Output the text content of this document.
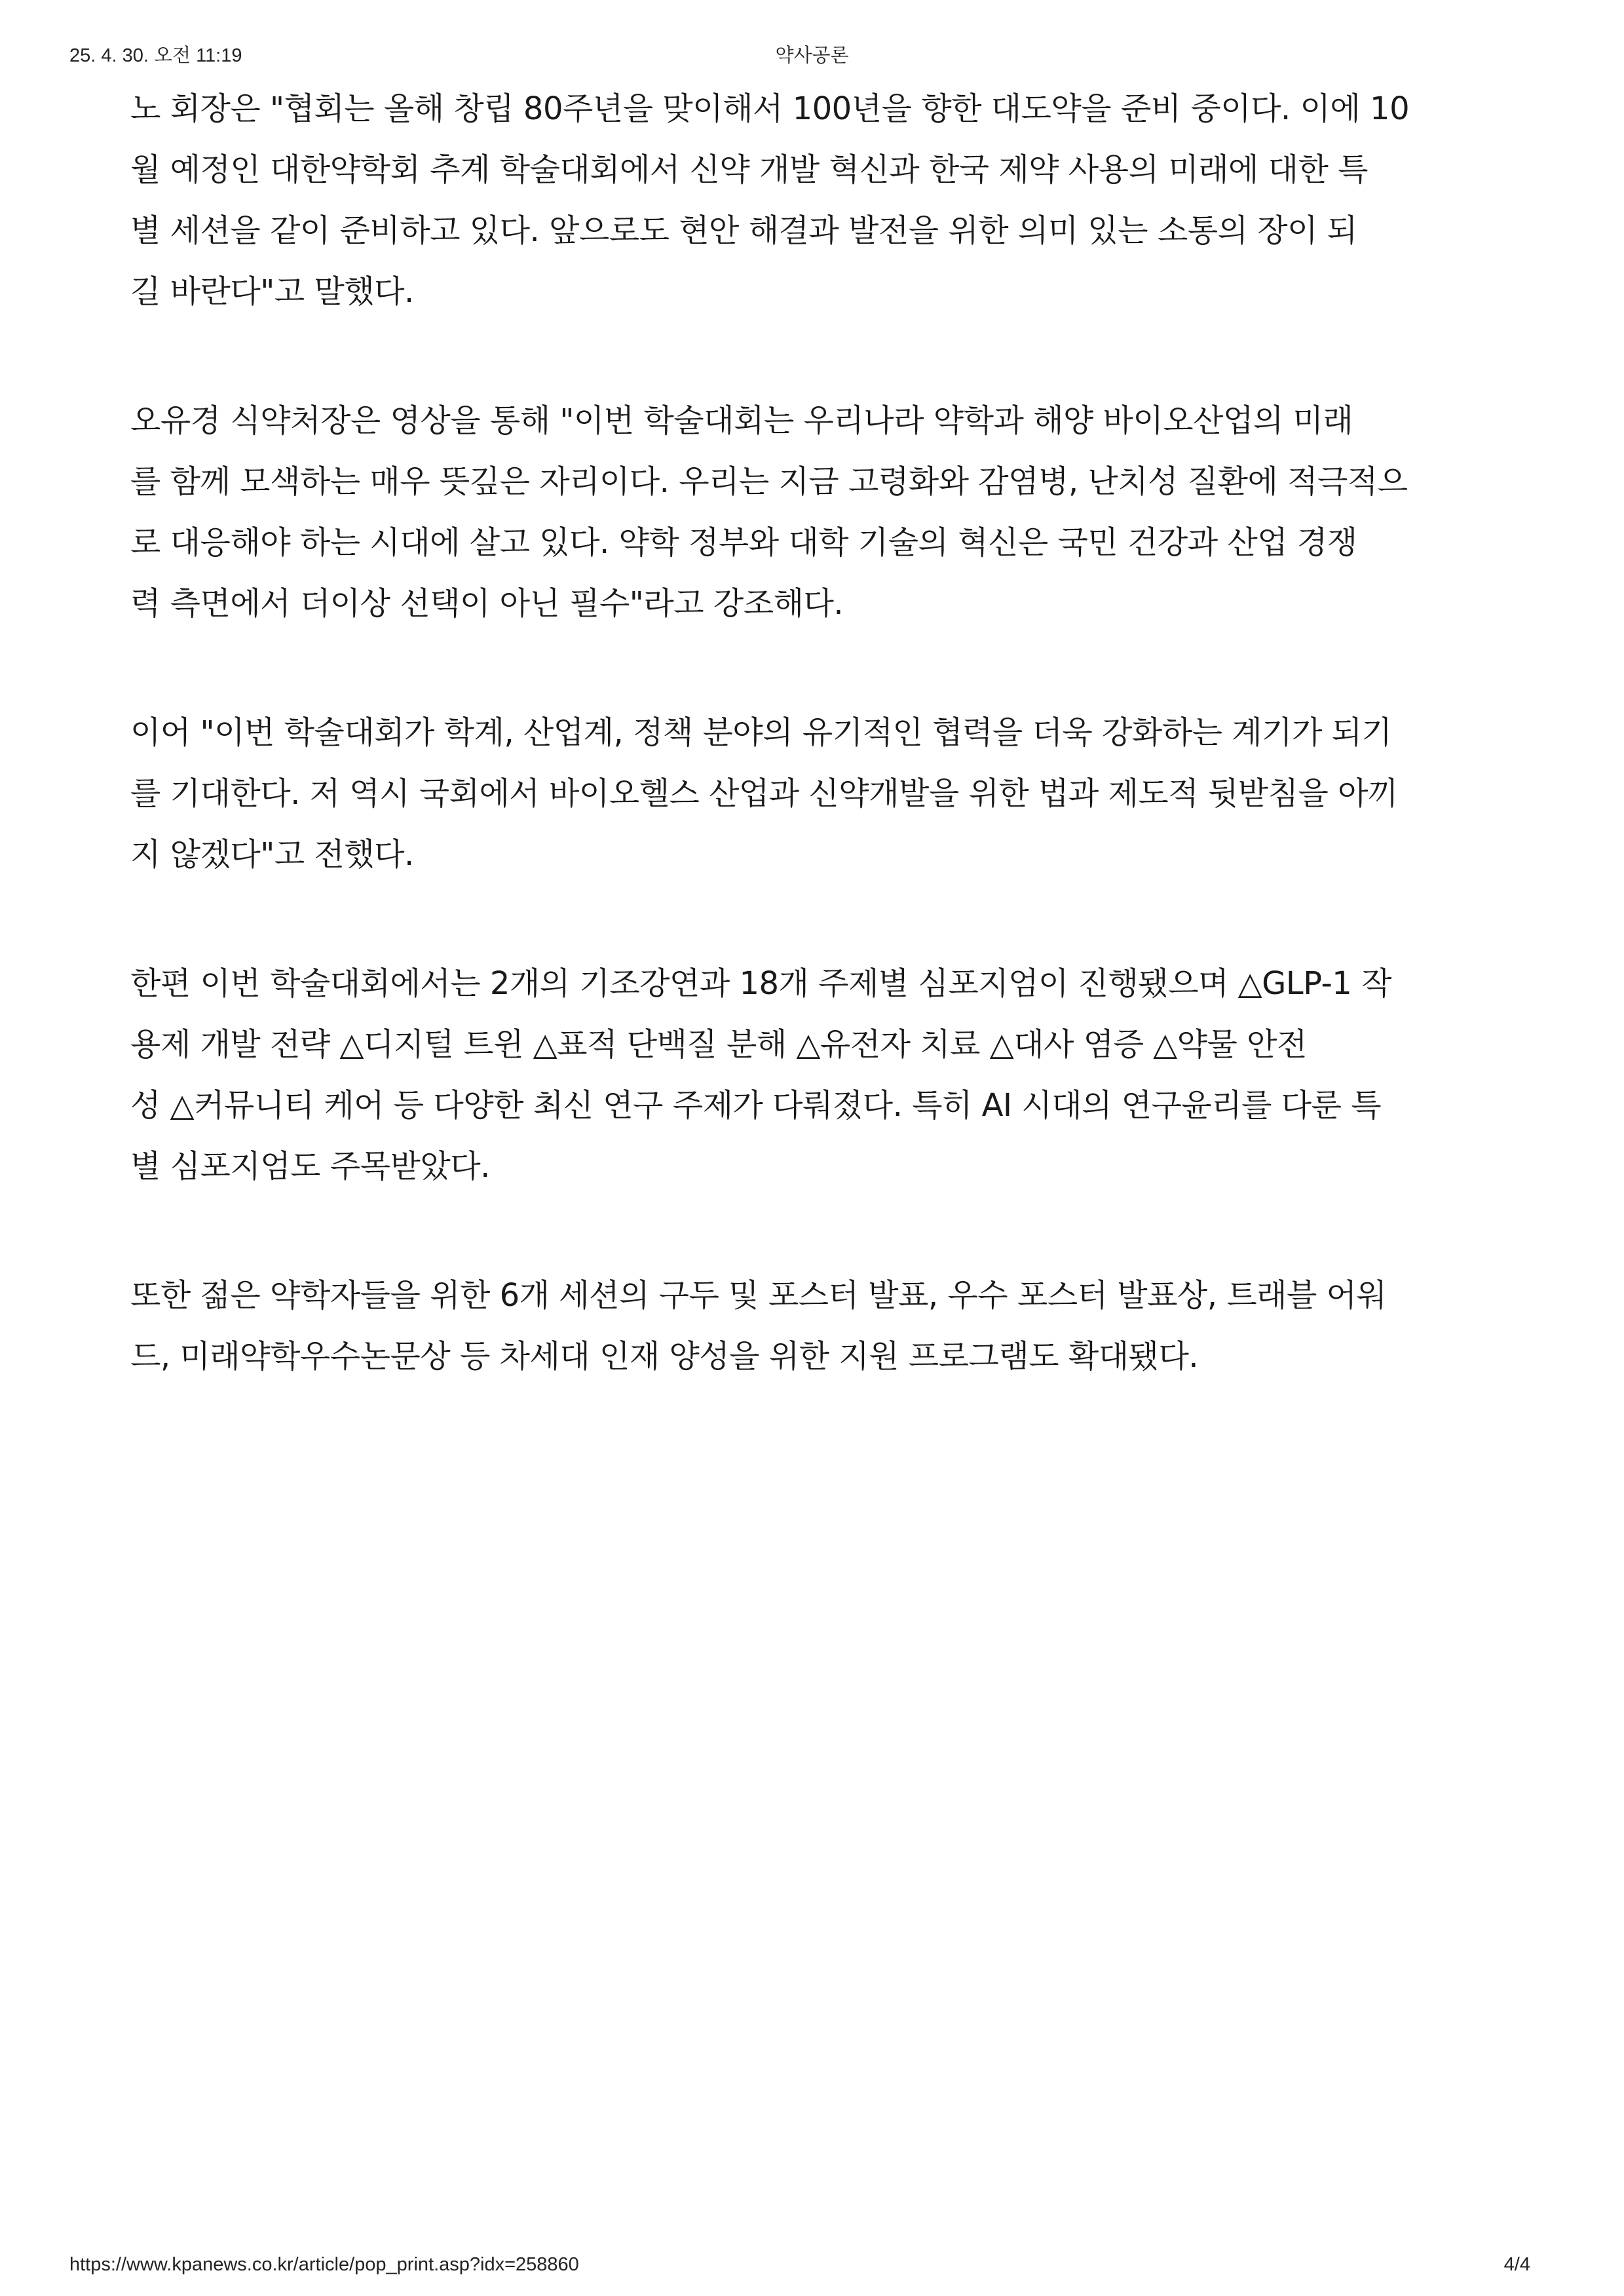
25. 4. 30. 오전 11:19	약사공론

노 회장은 "협회는 올해 창립 80주년을 맞이해서 100년을 향한 대도약을 준비 중이다. 이에 10
월 예정인 대한약학회 추계 학술대회에서 신약 개발 혁신과 한국 제약 사용의 미래에 대한 특
별 세션을 같이 준비하고 있다. 앞으로도 현안 해결과 발전을 위한 의미 있는 소통의 장이 되
길 바란다"고 말했다.

오유경 식약처장은 영상을 통해 "이번 학술대회는 우리나라 약학과 해양 바이오산업의 미래
를 함께 모색하는 매우 뜻깊은 자리이다. 우리는 지금 고령화와 감염병, 난치성 질환에 적극적으
로 대응해야 하는 시대에 살고 있다. 약학 정부와 대학 기술의 혁신은 국민 건강과 산업 경쟁
력 측면에서 더이상 선택이 아닌 필수"라고 강조해다.

이어 "이번 학술대회가 학계, 산업계, 정책 분야의 유기적인 협력을 더욱 강화하는 계기가 되기
를 기대한다. 저 역시 국회에서 바이오헬스 산업과 신약개발을 위한 법과 제도적 뒷받침을 아끼
지 않겠다"고 전했다.

한편 이번 학술대회에서는 2개의 기조강연과 18개 주제별 심포지엄이 진행됐으며 △GLP-1 작
용제 개발 전략 △디지털 트윈 △표적 단백질 분해 △유전자 치료 △대사 염증 △약물 안전
성 △커뮤니티 케어 등 다양한 최신 연구 주제가 다뤄졌다. 특히 AI 시대의 연구윤리를 다룬 특
별 심포지엄도 주목받았다.

또한 젊은 약학자들을 위한 6개 세션의 구두 및 포스터 발표, 우수 포스터 발표상, 트래블 어워
드, 미래약학우수논문상 등 차세대 인재 양성을 위한 지원 프로그램도 확대됐다.

https://www.kpanews.co.kr/article/pop_print.asp?idx=258860	4/4
